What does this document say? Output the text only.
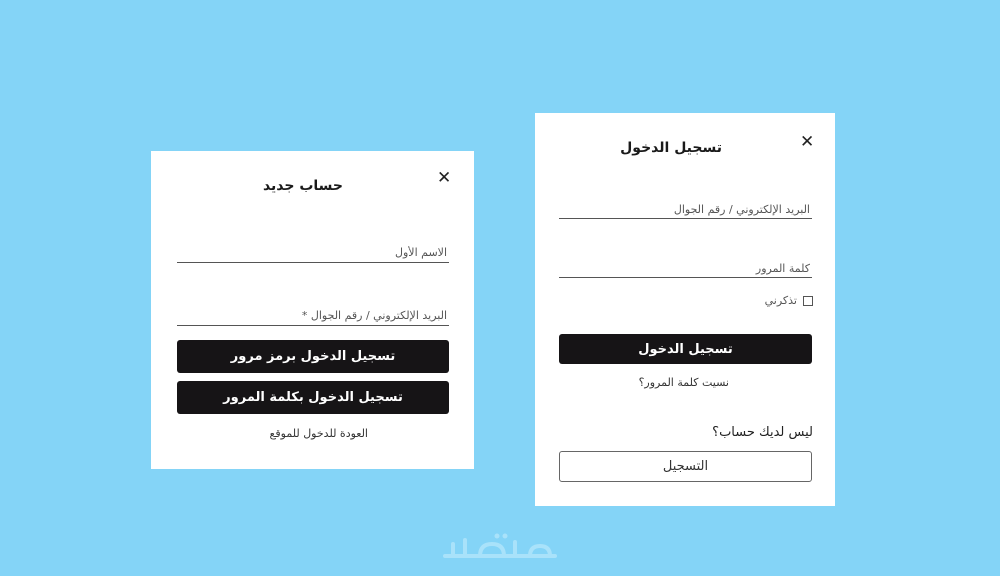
✕
حساب جديد
الاسم الأول
البريد الإلكتروني / رقم الجوال *
تسجيل الدخول برمز مرور
تسجيل الدخول بكلمة المرور
العودة للدخول للموقع
✕
تسجيل الدخول
البريد الإلكتروني / رقم الجوال
تذكرني
تسجيل الدخول
نسيت كلمة المرور؟
ليس لديك حساب؟
التسجيل
